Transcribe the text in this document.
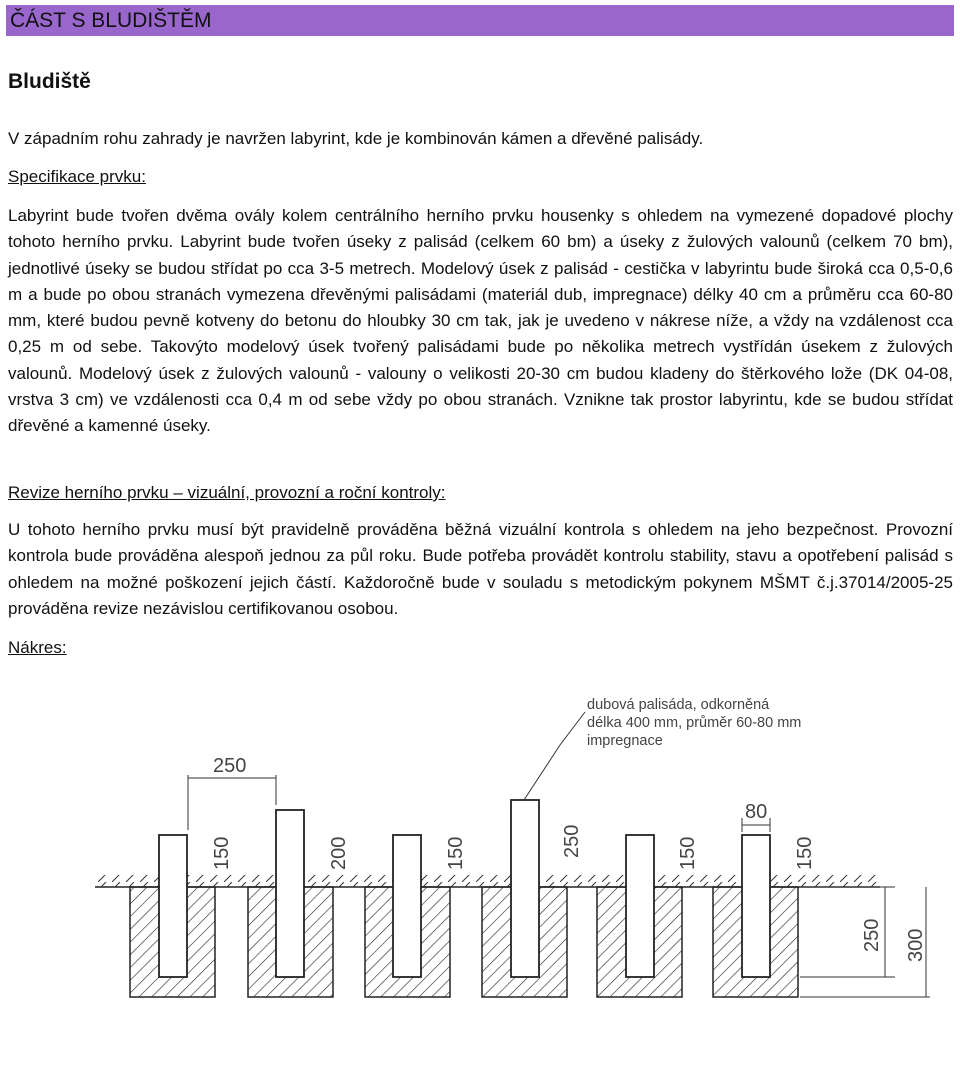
ČÁST S BLUDIŠTĚM
Bludiště

V západním rohu zahrady je navržen labyrint, kde je kombinován kámen a dřevěné palisády.

Specifikace prvku:

Labyrint bude tvořen dvěma ovály kolem centrálního herního prvku housenky s ohledem na vymezené dopadové plochy tohoto herního prvku. Labyrint bude tvořen úseky z palisád (celkem 60 bm) a úseky z žulových valounů (celkem 70 bm), jednotlivé úseky se budou střídat po cca 3-5 metrech. Modelový úsek z palisád - cestička v labyrintu bude široká cca 0,5-0,6 m a bude po obou stranách vymezena dřevěnými palisádami (materiál dub, impregnace) délky 40 cm a průměru cca 60-80 mm, které budou pevně kotveny do betonu do hloubky 30 cm tak, jak je uvedeno v nákrese níže, a vždy na vzdálenost cca 0,25 m od sebe. Takovýto modelový úsek tvořený palisádami bude po několika metrech vystřídán úsekem z žulových valounů. Modelový úsek z žulových valounů - valouny o velikosti 20-30 cm budou kladeny do štěrkového lože (DK 04-08, vrstva 3 cm) ve vzdálenosti cca 0,4 m od sebe vždy po obou stranách. Vznikne tak prostor labyrintu, kde se budou střídat dřevěné a kamenné úseky.

Revize herního prvku – vizuální, provozní a roční kontroly:

U tohoto herního prvku musí být pravidelně prováděna běžná vizuální kontrola s ohledem na jeho bezpečnost. Provozní kontrola bude prováděna alespoň jednou za půl roku. Bude potřeba provádět kontrolu stability, stavu a opotřebení palisád s ohledem na možné poškození jejich částí. Každoročně bude v souladu s metodickým pokynem MŠMT č.j.37014/2005-25 prováděna revize nezávislou certifikovanou osobou.

Nákres:

250
80
150	200	150	250	150	150
250 300
dubová palisáda, odkorněná
délka 400 mm, průměr 60-80 mm
impregnace
